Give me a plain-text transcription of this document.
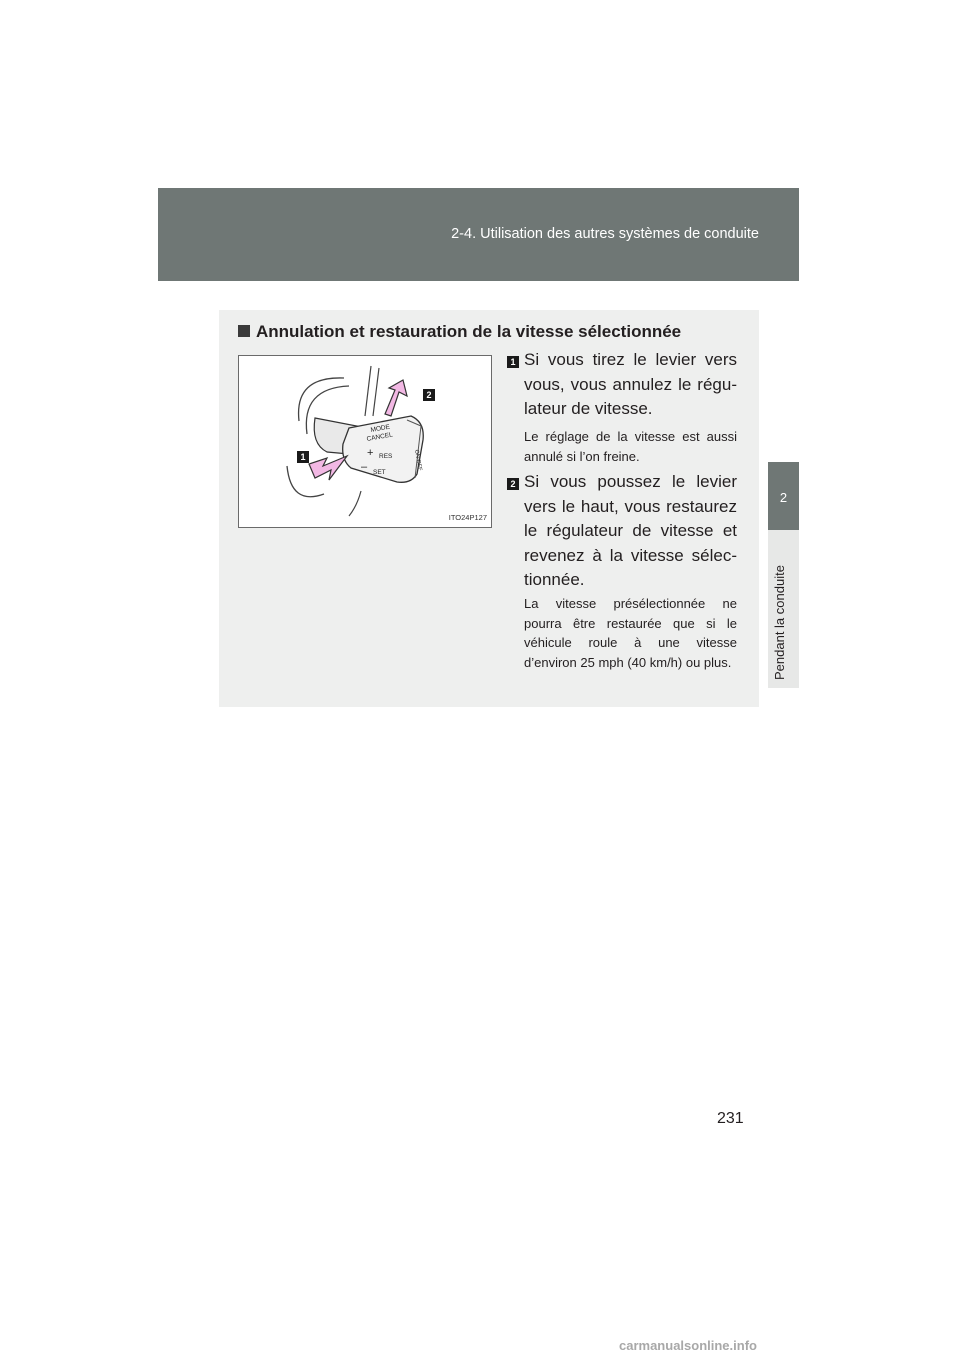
2-4. Utilisation des autres systèmes de conduite
2
Pendant la conduite
Annulation et restauration de la vitesse sélectionnée
MODE
CANCEL
+ RES
– SET
ON-OFF
1
2
ITO24P127
1 Si vous tirez le levier vers vous, vous annulez le régu-lateur de vitesse.
Le réglage de la vitesse est aussi annulé si l’on freine.
2 Si vous poussez le levier vers le haut, vous restaurez le régulateur de vitesse et revenez à la vitesse sélec-tionnée.
La vitesse présélectionnée ne pourra être restaurée que si le véhicule roule à une vitesse d’environ 25 mph (40 km/h) ou plus.
231
carmanualsonline.info
